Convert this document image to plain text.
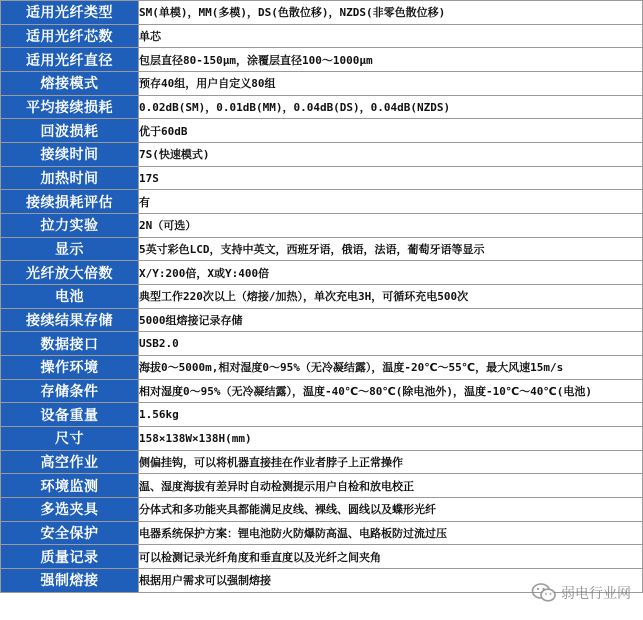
适用光纤类型	SM(单模)，MM(多模)，DS(色散位移)，NZDS(非零色散位移)
适用光纤芯数	单芯
适用光纤直径	包层直径80-150μm，涂覆层直径100～1000μm
熔接模式	预存40组，用户自定义80组
平均接续损耗	0.02dB(SM)，0.01dB(MM)，0.04dB(DS)，0.04dB(NZDS)
回波损耗	优于60dB
接续时间	7S(快速模式)
加热时间	17S
接续损耗评估	有
拉力实验	2N（可选）
显示	5英寸彩色LCD，支持中英文，西班牙语，俄语，法语，葡萄牙语等显示
光纤放大倍数	X/Y:200倍，X或Y:400倍
电池	典型工作220次以上（熔接/加热），单次充电3H，可循环充电500次
接续结果存储	5000组熔接记录存储
数据接口	USB2.0
操作环境	海拔0～5000m,相对湿度0～95%（无冷凝结露），温度-20℃～55℃，最大风速15m/s
存储条件	相对湿度0～95%（无冷凝结露），温度-40℃～80℃(除电池外)，温度-10℃～40℃(电池)
设备重量	1.56kg
尺寸	158×138W×138H(mm)
高空作业	侧偏挂钩，可以将机器直接挂在作业者脖子上正常操作
环境监测	温、湿度海拔有差异时自动检测提示用户自检和放电校正
多选夹具	分体式和多功能夹具都能满足皮线、裸线、圆线以及蝶形光纤
安全保护	电器系统保护方案：锂电池防火防爆防高温、电路板防过流过压
质量记录	可以检测记录光纤角度和垂直度以及光纤之间夹角
强制熔接	根据用户需求可以强制熔接
弱电行业网
